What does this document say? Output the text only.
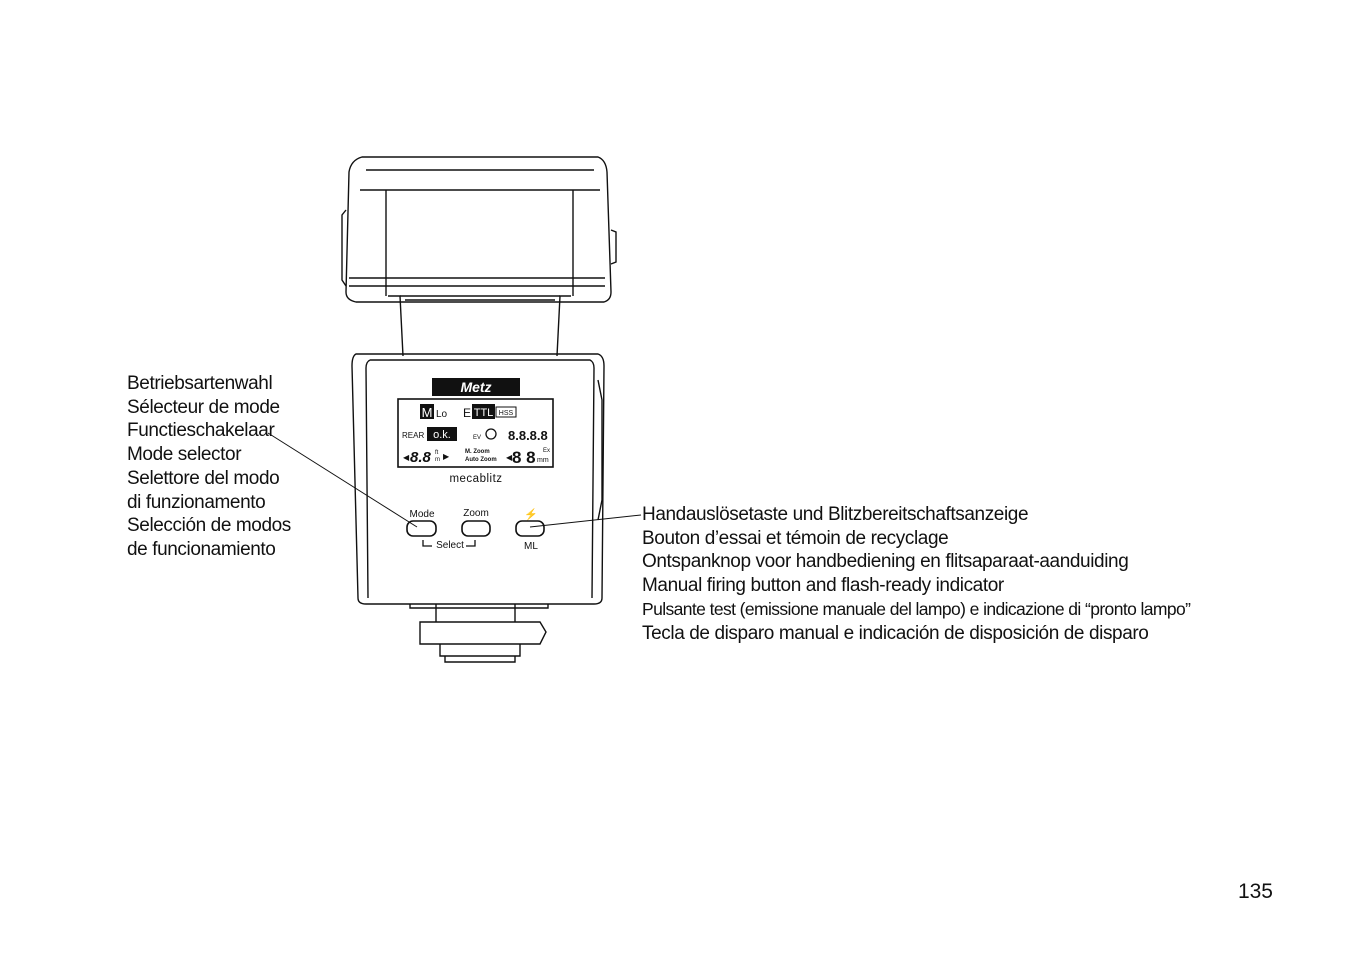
Metz
M Lo E TTL HSS
REAR o.k.	EV 8.8.8.8
◀ 8.8 ft
m ▶	M. Zoom
Auto Zoom ◀ 8 8 Ex
mm
mecablitz
Mode	Zoom	⚡
Select	ML
Betriebsartenwahl
Sélecteur de mode
Functieschakelaar
Mode selector
Selettore del modo
di funzionamento
Selección de modos
de funcionamiento
Handauslösetaste und Blitzbereitschaftsanzeige
Bouton d’essai et témoin de recyclage
Ontspanknop voor handbediening en flitsaparaat-aanduiding
Manual firing button and flash-ready indicator
Pulsante test (emissione manuale del lampo) e indicazione di “pronto lampo”
Tecla de disparo manual e indicación de disposición de disparo
135
